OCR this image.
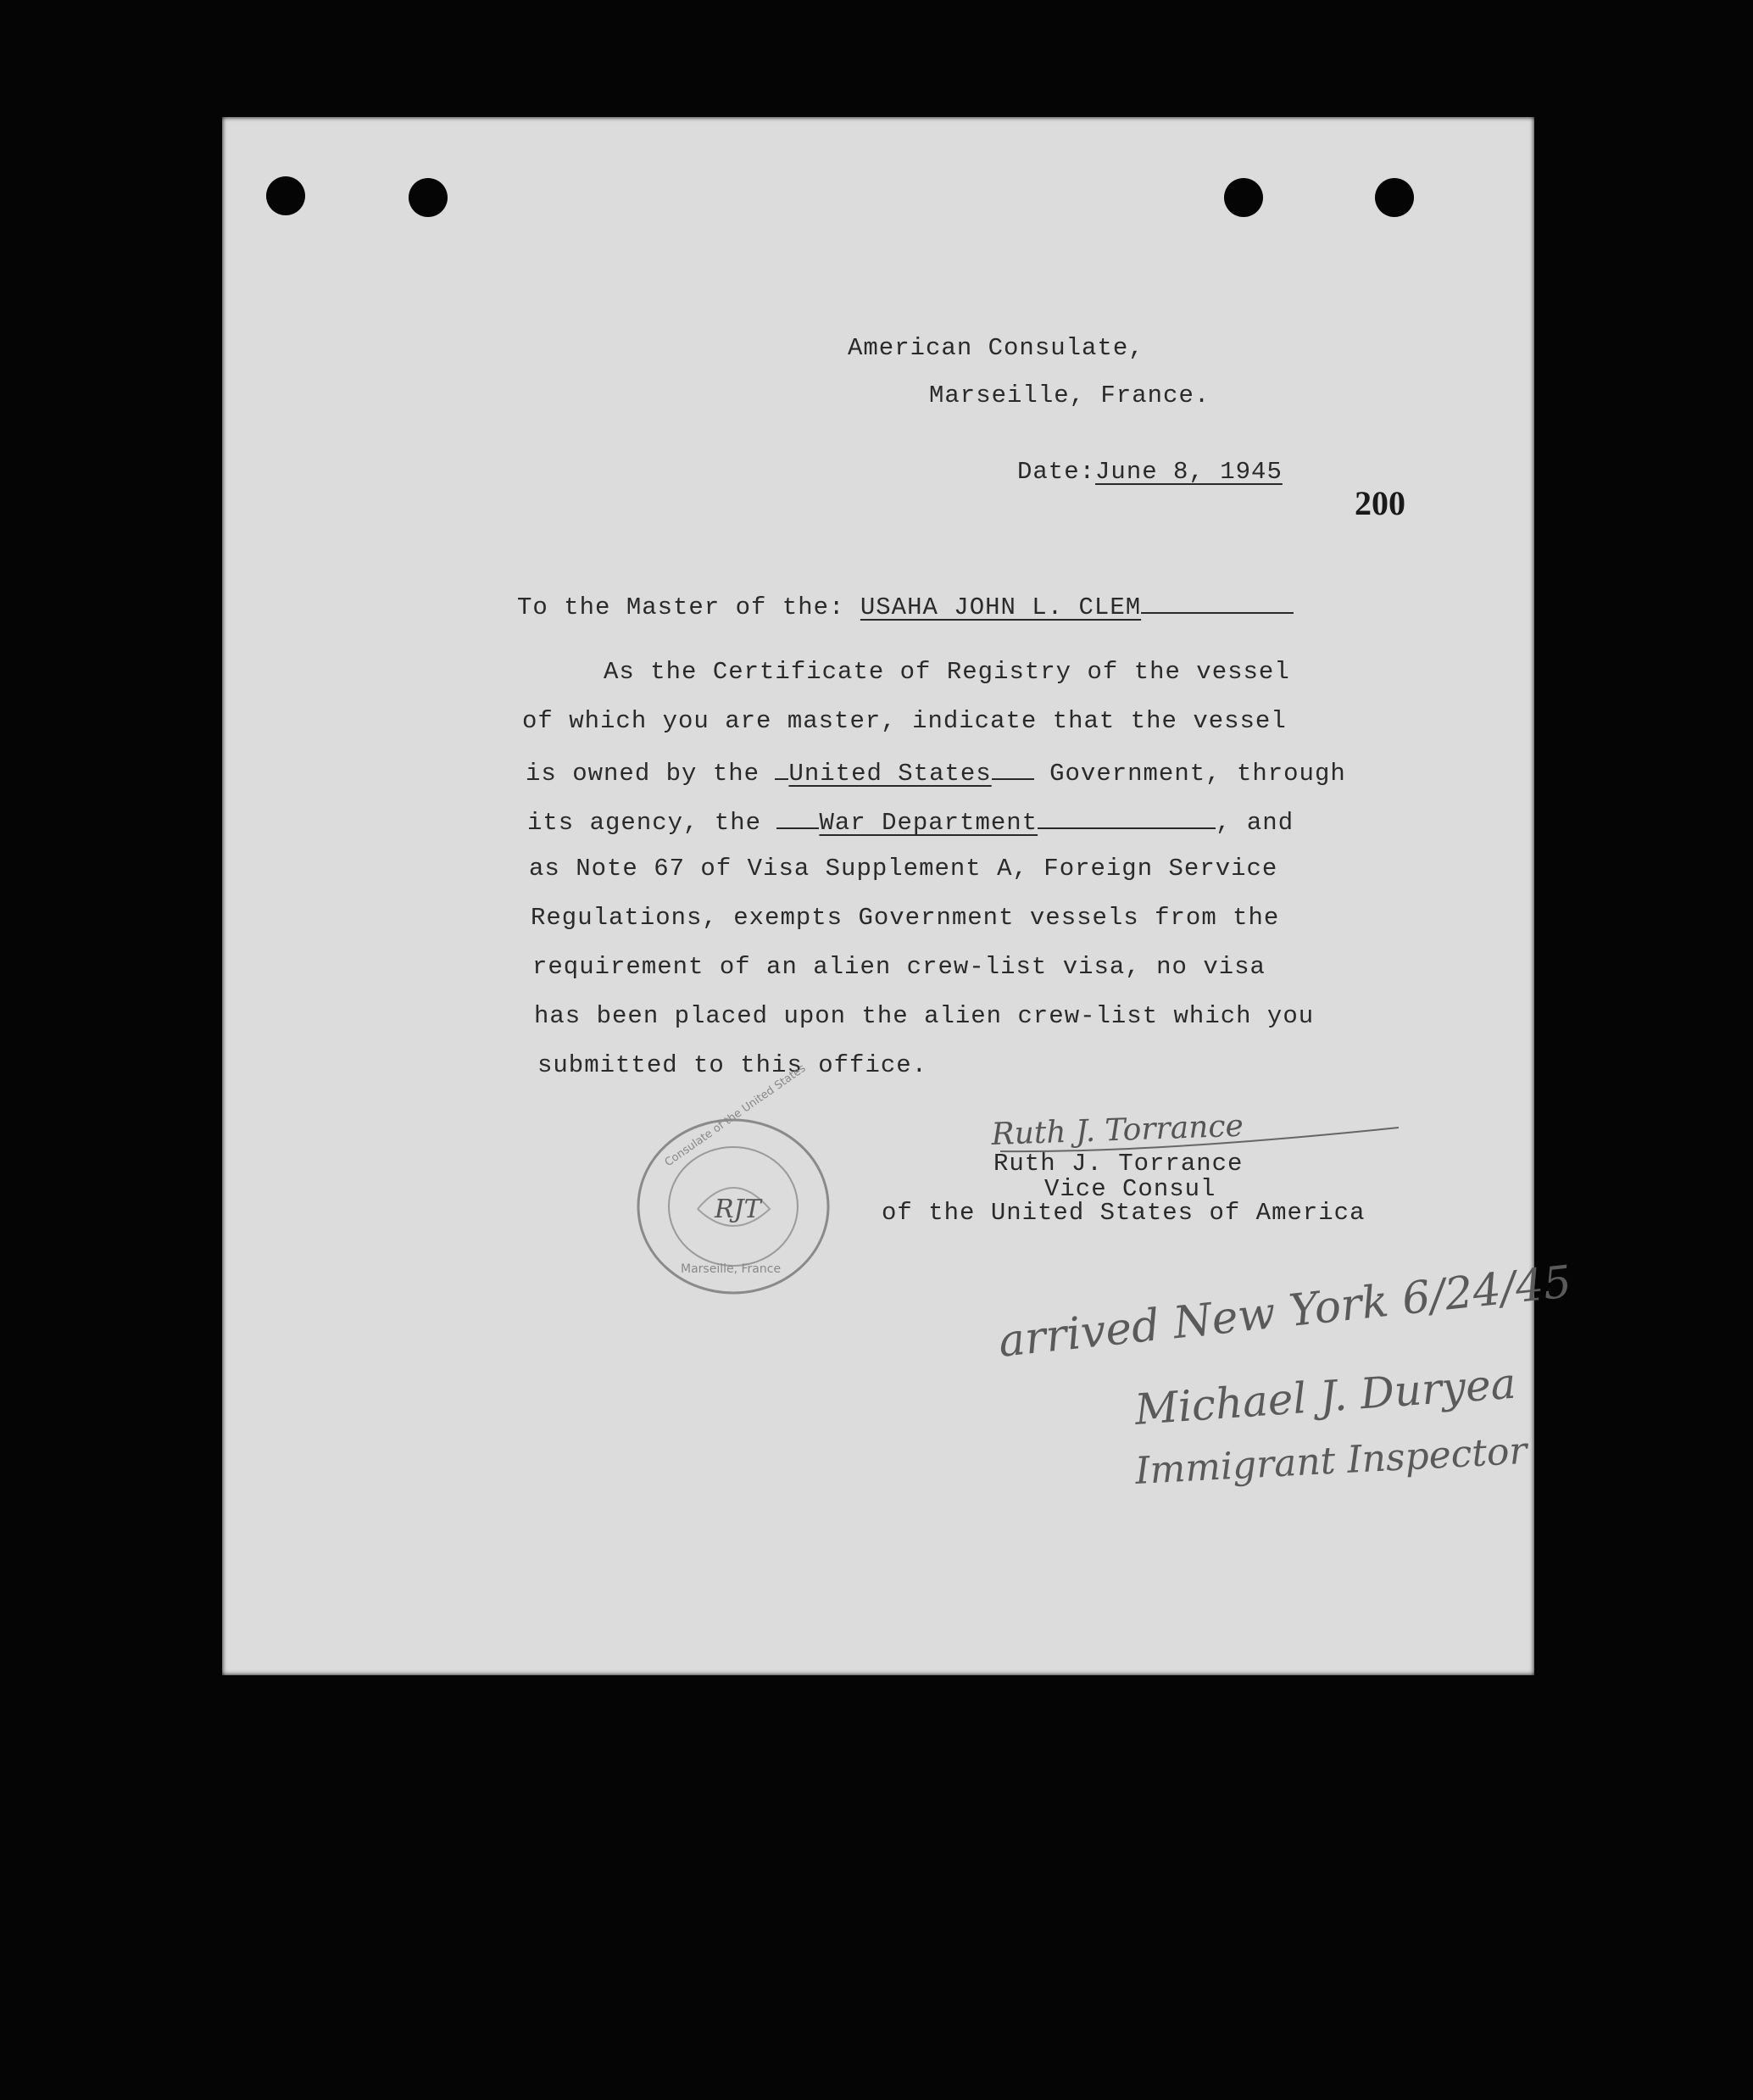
American Consulate,
Marseille, France.
Date:June 8, 1945
200
To the Master of the: USAHA JOHN L. CLEM
As the Certificate of Registry of the vessel
of which you are master, indicate that the vessel
is owned by the United States Government, through
its agency, the War Department	, and
as Note 67 of Visa Supplement A, Foreign Service
Regulations, exempts Government vessels from the
requirement of an alien crew-list visa, no visa
has been placed upon the alien crew-list which you
submitted to this office.
Ruth J. Torrance
Ruth J. Torrance
Vice Consul
of the United States of America
RJT
Consulate of the United States
Marseille, France	arrived New York 6/24/45
Michael J. Duryea
Immigrant Inspector
